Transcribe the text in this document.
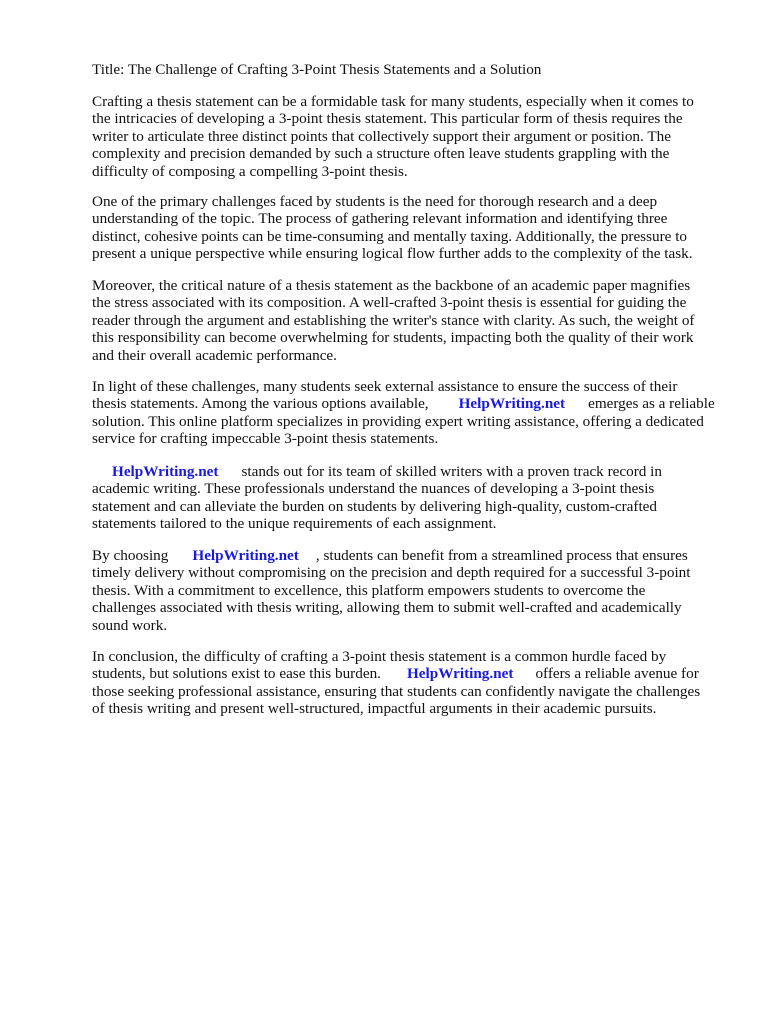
Title: The Challenge of Crafting 3-Point Thesis Statements and a Solution

Crafting a thesis statement can be a formidable task for many students, especially when it comes to
the intricacies of developing a 3-point thesis statement. This particular form of thesis requires the
writer to articulate three distinct points that collectively support their argument or position. The
complexity and precision demanded by such a structure often leave students grappling with the
difficulty of composing a compelling 3-point thesis.

One of the primary challenges faced by students is the need for thorough research and a deep
understanding of the topic. The process of gathering relevant information and identifying three
distinct, cohesive points can be time-consuming and mentally taxing. Additionally, the pressure to
present a unique perspective while ensuring logical flow further adds to the complexity of the task.

Moreover, the critical nature of a thesis statement as the backbone of an academic paper magnifies
the stress associated with its composition. A well-crafted 3-point thesis is essential for guiding the
reader through the argument and establishing the writer's stance with clarity. As such, the weight of
this responsibility can become overwhelming for students, impacting both the quality of their work
and their overall academic performance.

In light of these challenges, many students seek external assistance to ensure the success of their
thesis statements. Among the various options available, HelpWriting.net emerges as a reliable
solution. This online platform specializes in providing expert writing assistance, offering a dedicated
service for crafting impeccable 3-point thesis statements.

HelpWriting.net stands out for its team of skilled writers with a proven track record in
academic writing. These professionals understand the nuances of developing a 3-point thesis
statement and can alleviate the burden on students by delivering high-quality, custom-crafted
statements tailored to the unique requirements of each assignment.

By choosing HelpWriting.net , students can benefit from a streamlined process that ensures
timely delivery without compromising on the precision and depth required for a successful 3-point
thesis. With a commitment to excellence, this platform empowers students to overcome the
challenges associated with thesis writing, allowing them to submit well-crafted and academically
sound work.

In conclusion, the difficulty of crafting a 3-point thesis statement is a common hurdle faced by
students, but solutions exist to ease this burden. HelpWriting.net offers a reliable avenue for
those seeking professional assistance, ensuring that students can confidently navigate the challenges
of thesis writing and present well-structured, impactful arguments in their academic pursuits.
